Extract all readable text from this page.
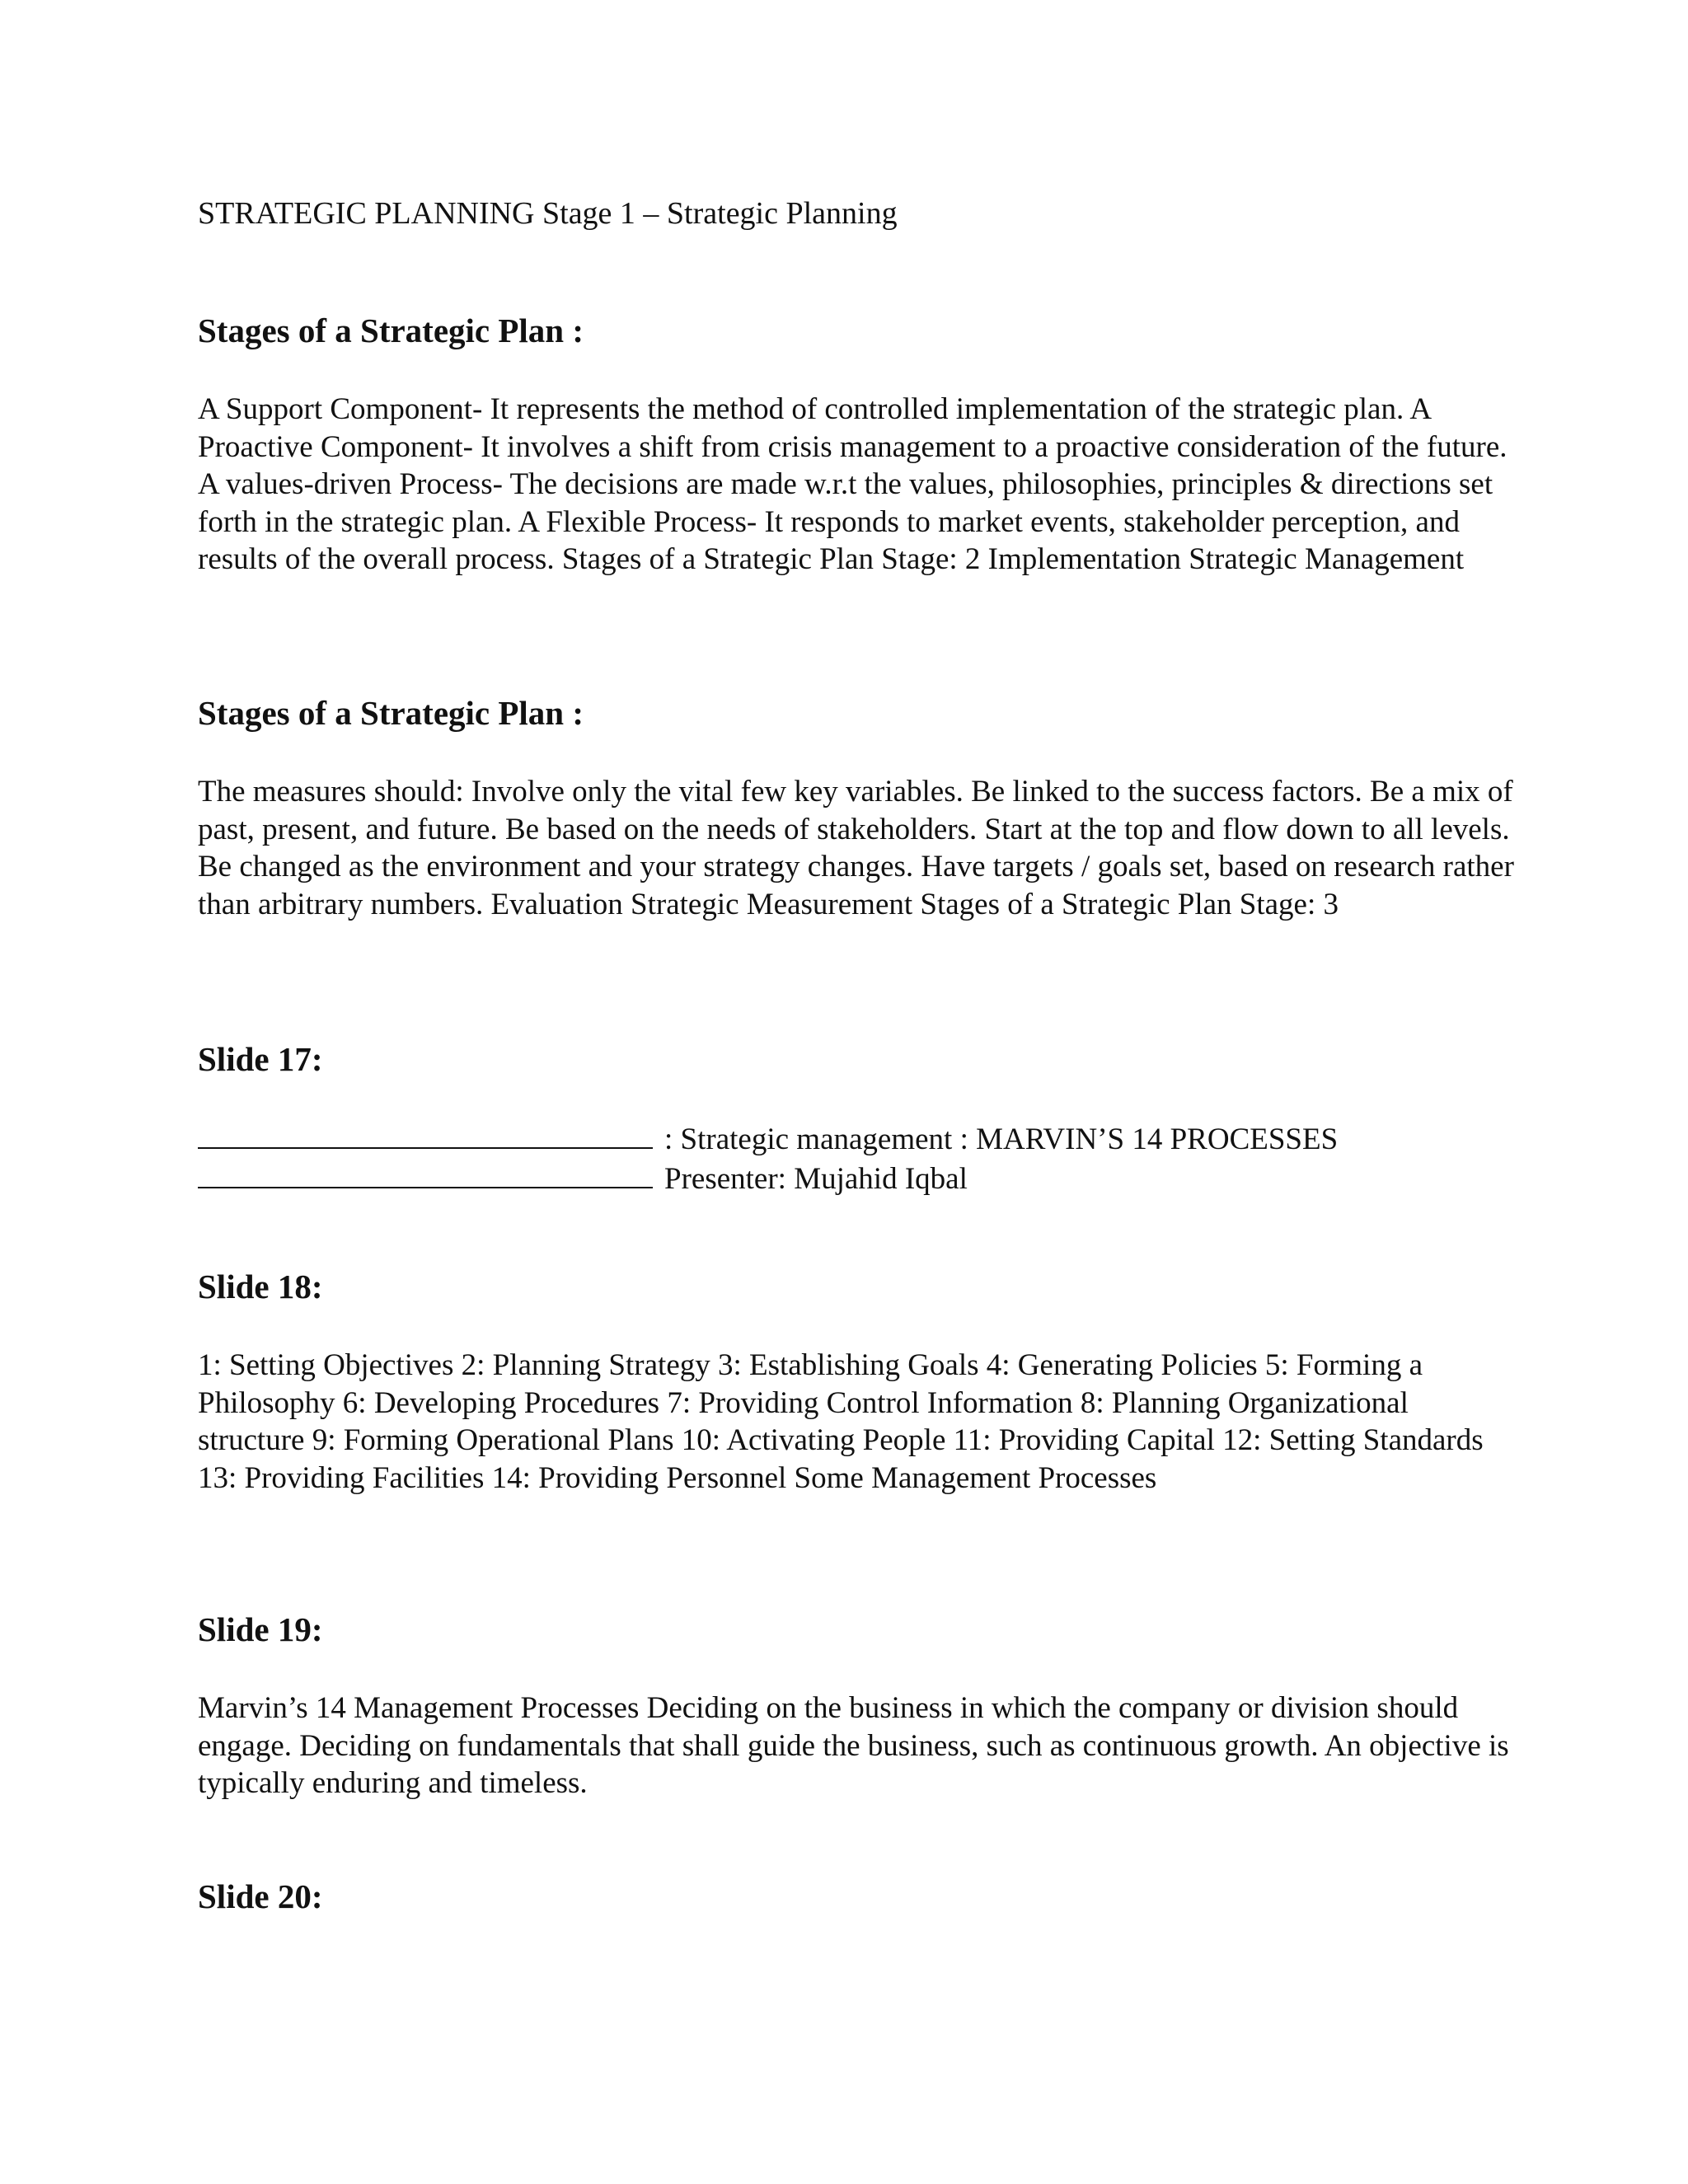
STRATEGIC PLANNING Stage 1 – Strategic Planning
Stages of a Strategic Plan :
A Support Component- It represents the method of controlled implementation of the strategic plan. A Proactive Component- It involves a shift from crisis management to a proactive consideration of the future. A values-driven Process- The decisions are made w.r.t the values, philosophies, principles & directions set forth in the strategic plan. A Flexible Process- It responds to market events, stakeholder perception, and results of the overall process. Stages of a Strategic Plan Stage: 2 Implementation Strategic Management
Stages of a Strategic Plan :
The measures should: Involve only the vital few key variables. Be linked to the success factors. Be a mix of past, present, and future. Be based on the needs of stakeholders. Start at the top and flow down to all levels. Be changed as the environment and your strategy changes. Have targets / goals set, based on research rather than arbitrary numbers. Evaluation Strategic Measurement Stages of a Strategic Plan Stage: 3
Slide 17:
: Strategic management : MARVIN’S 14 PROCESSES
Presenter: Mujahid Iqbal
Slide 18:
1: Setting Objectives 2: Planning Strategy 3: Establishing Goals 4: Generating Policies 5: Forming a Philosophy 6: Developing Procedures 7: Providing Control Information 8: Planning Organizational structure 9: Forming Operational Plans 10: Activating People 11: Providing Capital 12: Setting Standards 13: Providing Facilities 14: Providing Personnel Some Management Processes
Slide 19:
Marvin’s 14 Management Processes Deciding on the business in which the company or division should engage. Deciding on fundamentals that shall guide the business, such as continuous growth. An objective is typically enduring and timeless.
Slide 20:
